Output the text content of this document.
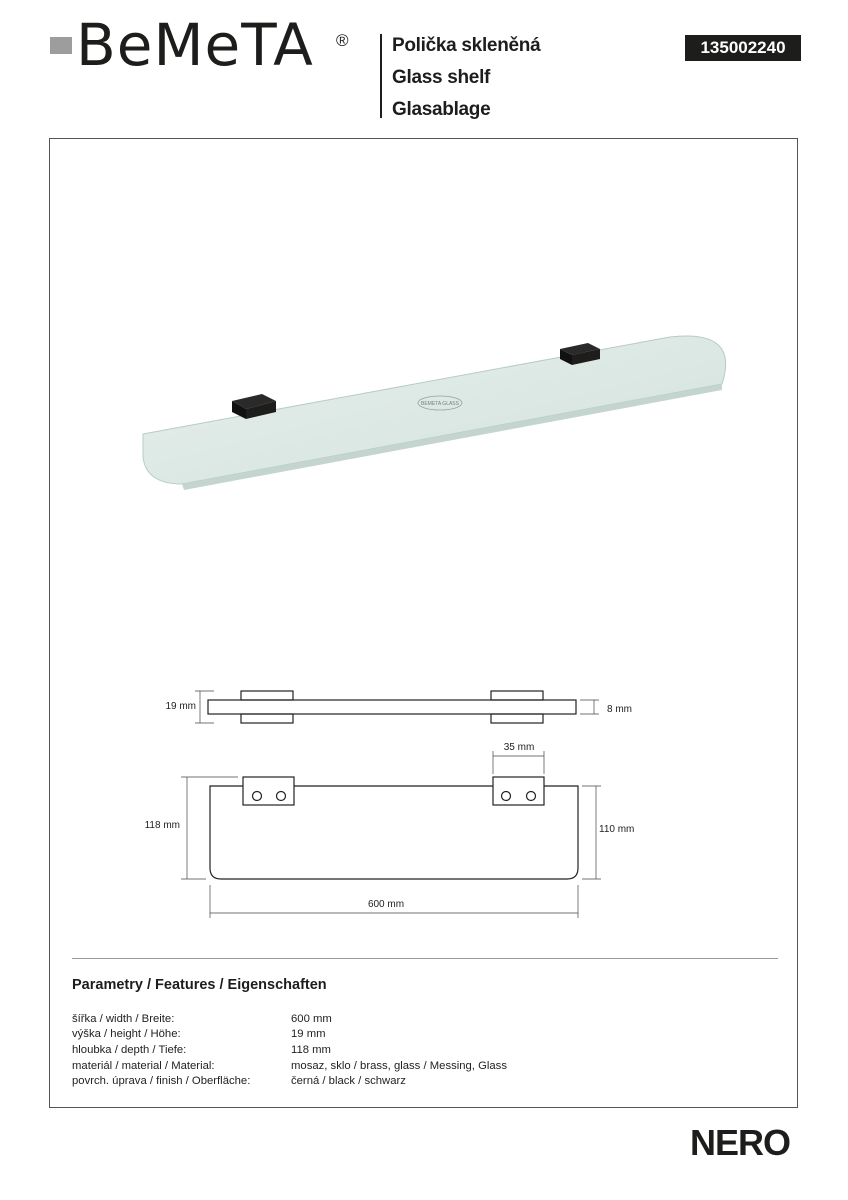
BeMeTA ® Polička skleněná
Glass shelf
Glasablage
135002240
BEMETA GLASS
19 mm	8 mm
35 mm
118 mm	110 mm
600 mm
Parametry / Features / Eigenschaften
šířka / width / Breite:	600 mm
výška / height / Höhe:	19 mm
hloubka / depth / Tiefe:	118 mm
materiál / material / Material:	mosaz, sklo / brass, glass / Messing, Glass
povrch. úprava / finish / Oberfläche:	černá / black / schwarz
NERO
